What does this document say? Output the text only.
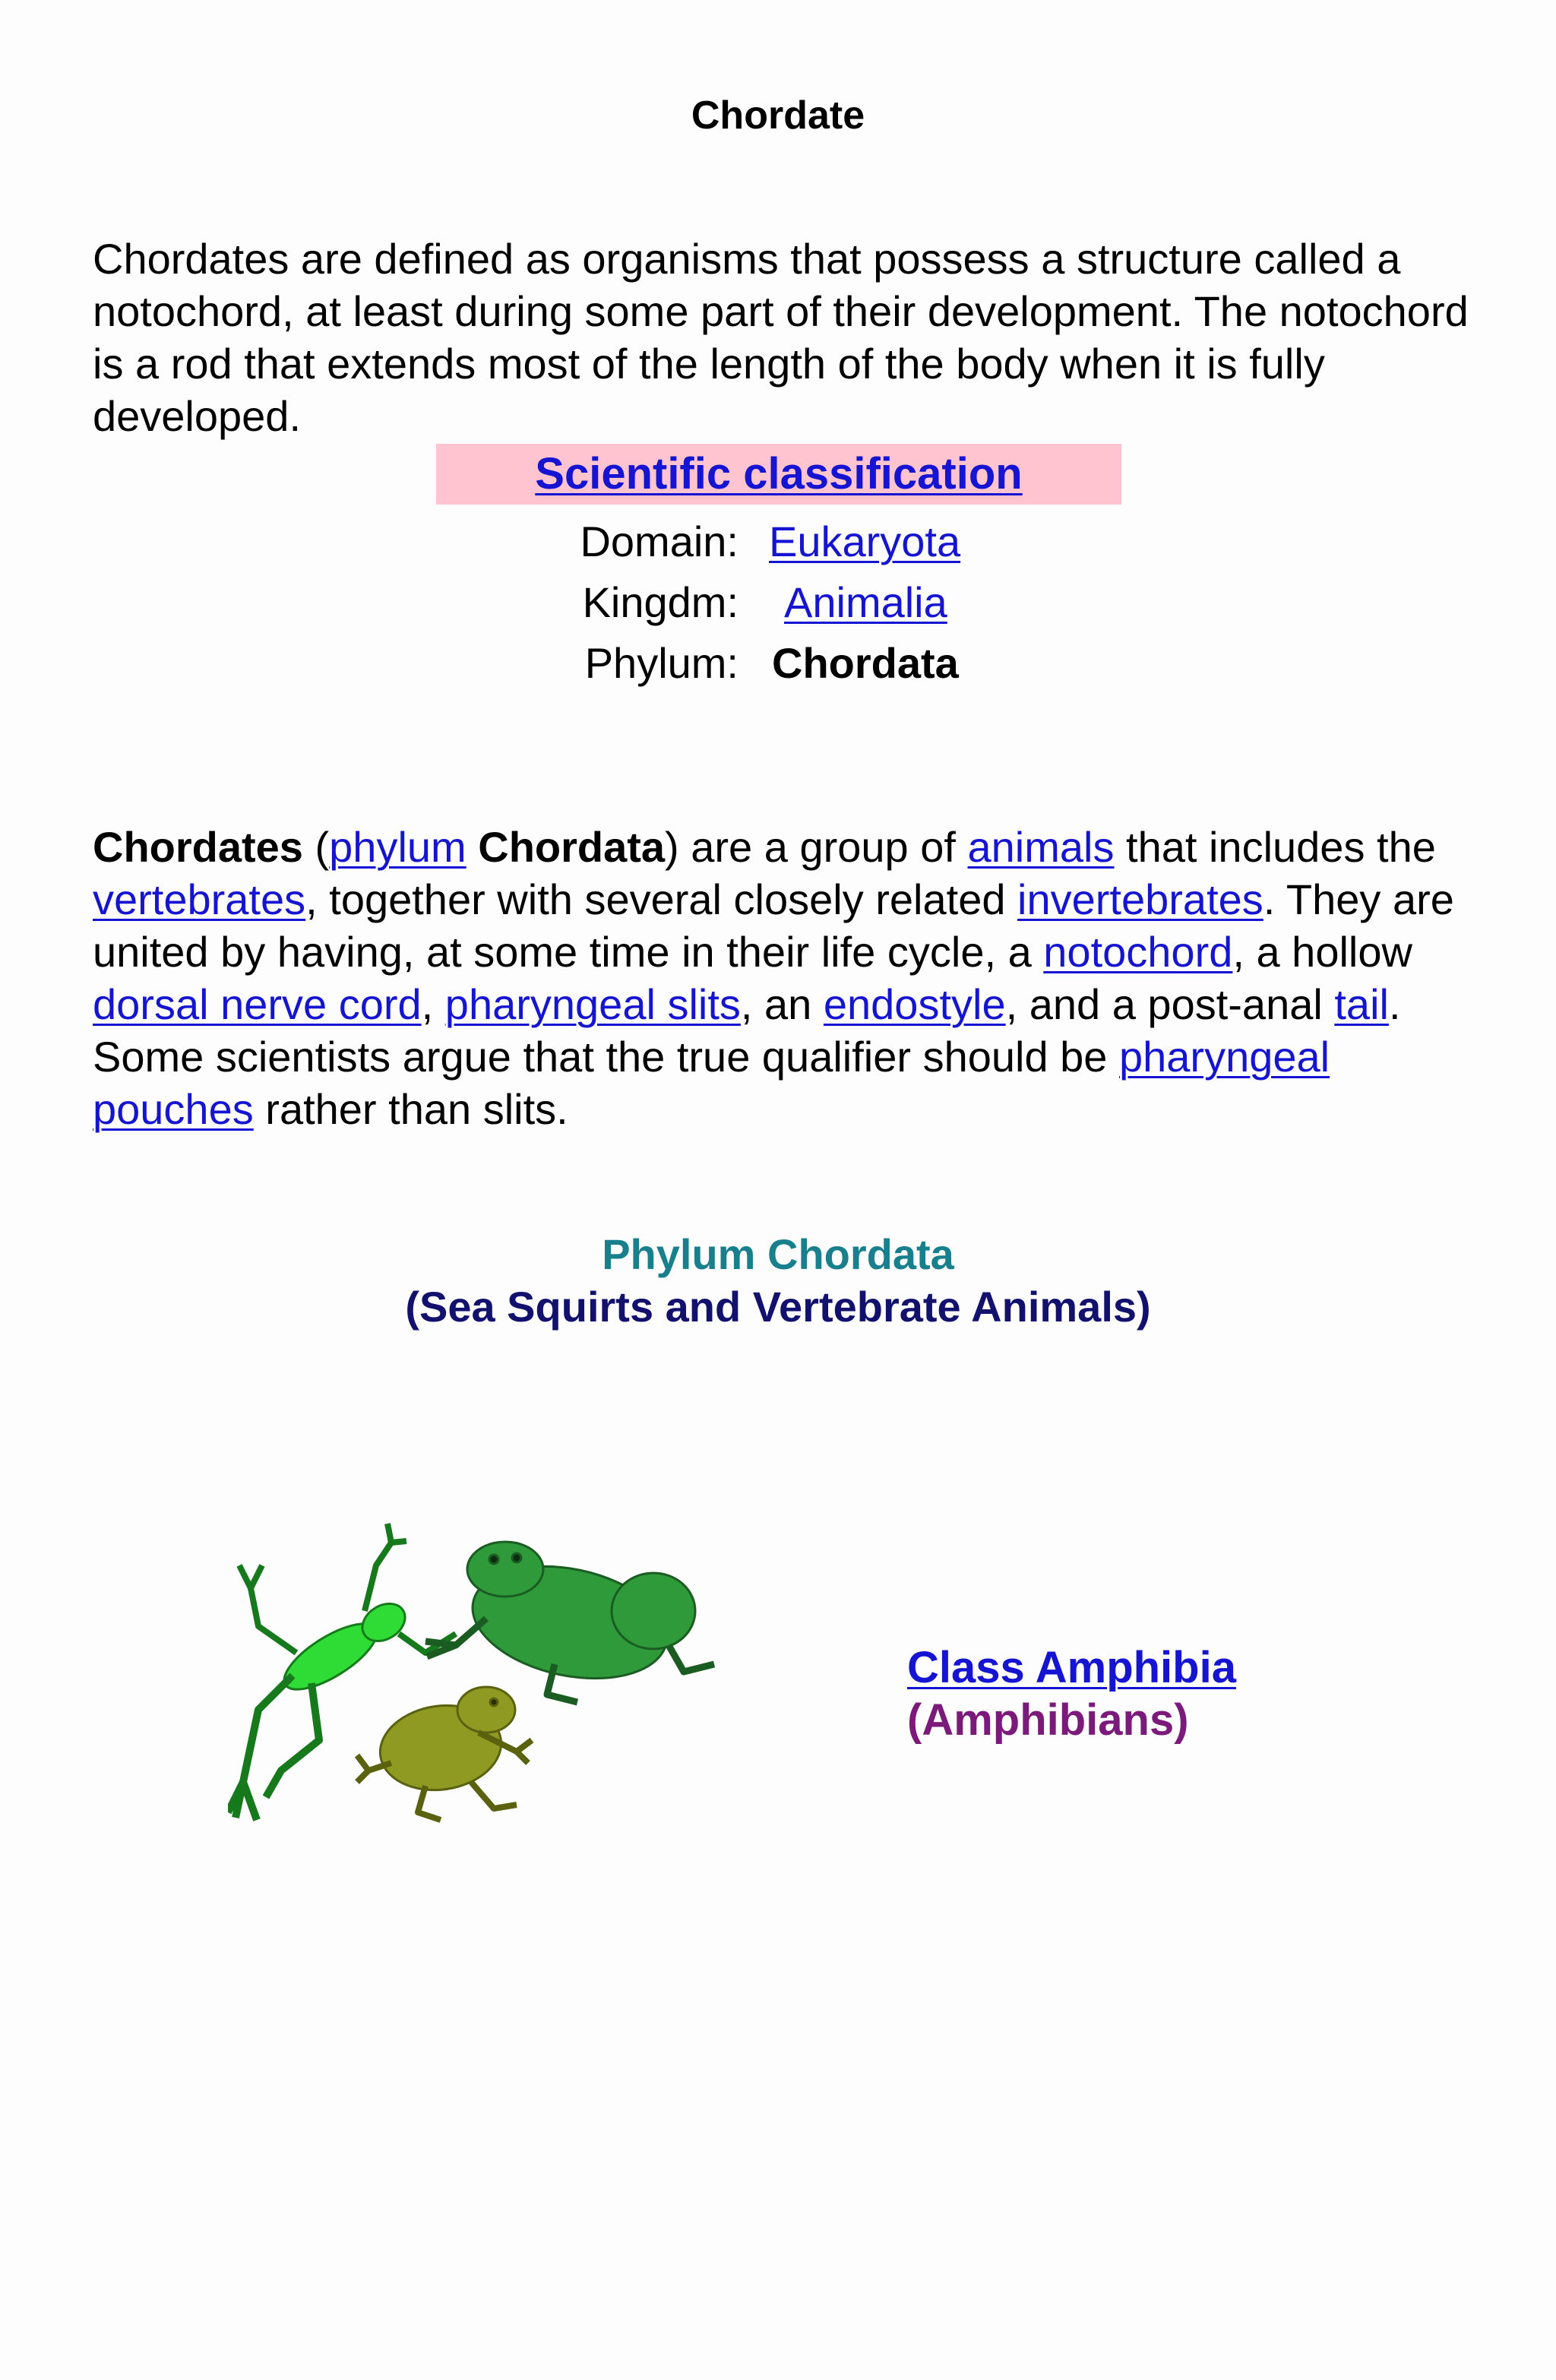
Chordate
Chordates are defined as organisms that possess a structure called a notochord, at least during some part of their development. The notochord is a rod that extends most of the length of the body when it is fully developed.
Scientific classification
Domain: Eukaryota
Kingdm: Animalia
Phylum: Chordata
Chordates (phylum Chordata) are a group of animals that includes the vertebrates, together with several closely related invertebrates. They are united by having, at some time in their life cycle, a notochord, a hollow dorsal nerve cord, pharyngeal slits, an endostyle, and a post-anal tail. Some scientists argue that the true qualifier should be pharyngeal pouches rather than slits.
Phylum Chordata
(Sea Squirts and Vertebrate Animals)
Class Amphibia
(Amphibians)
